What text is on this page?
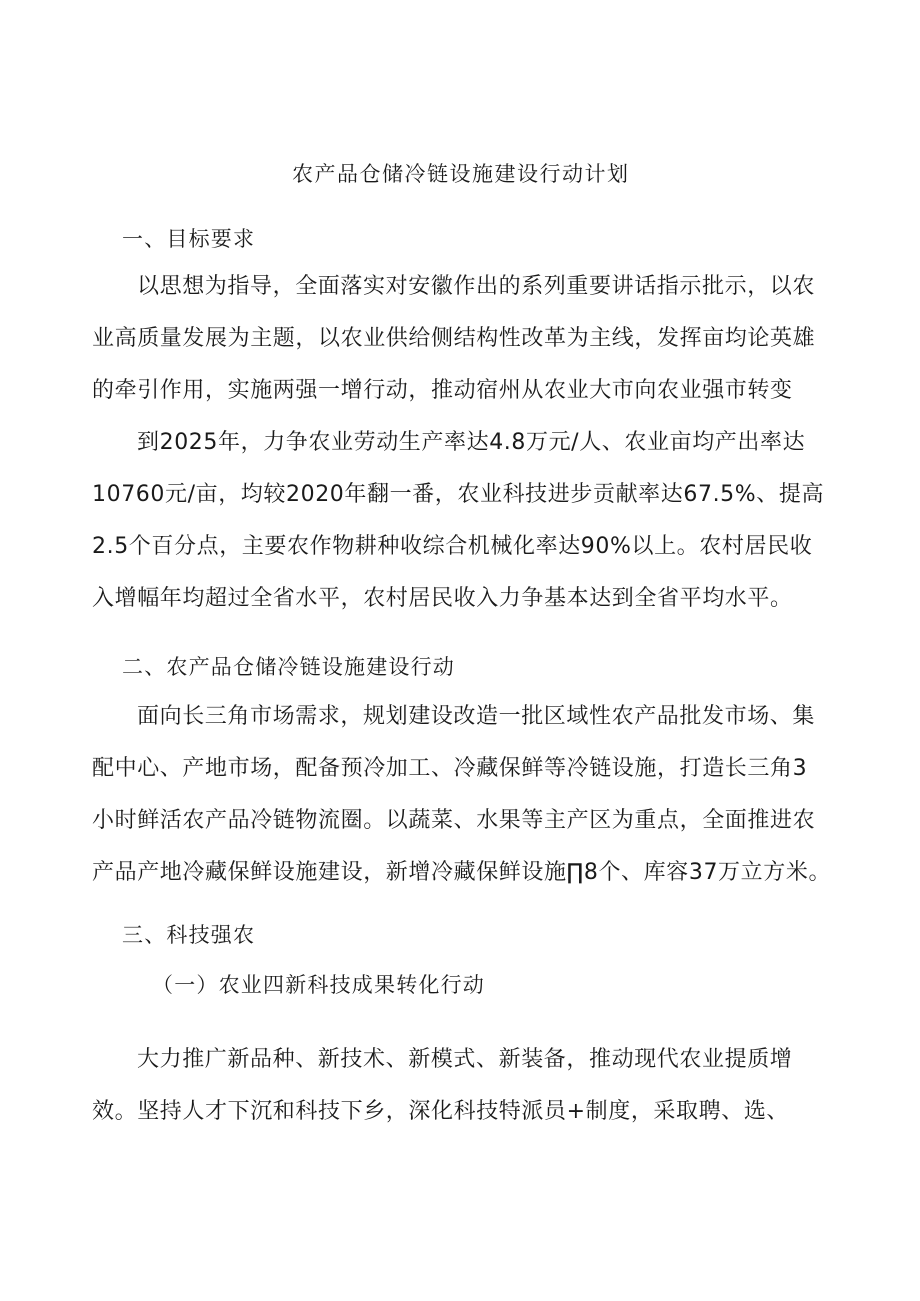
农产品仓储冷链设施建设行动计划
一、目标要求
以思想为指导，全面落实对安徽作出的系列重要讲话指示批示，以农
业高质量发展为主题，以农业供给侧结构性改革为主线，发挥亩均论英雄
的牵引作用，实施两强一增行动，推动宿州从农业大市向农业强市转变
到2025年，力争农业劳动生产率达4.8万元/人、农业亩均产出率达
10760元/亩，均较2020年翻一番，农业科技进步贡献率达67.5%、提高
2.5个百分点，主要农作物耕种收综合机械化率达90%以上。农村居民收
入增幅年均超过全省水平，农村居民收入力争基本达到全省平均水平。
二、农产品仓储冷链设施建设行动
面向长三角市场需求，规划建设改造一批区域性农产品批发市场、集
配中心、产地市场，配备预冷加工、冷藏保鲜等冷链设施，打造长三角3
小时鲜活农产品冷链物流圈。以蔬菜、水果等主产区为重点，全面推进农
产品产地冷藏保鲜设施建设，新增冷藏保鲜设施∏8个、库容37万立方米。
三、科技强农
（一）农业四新科技成果转化行动
大力推广新品种、新技术、新模式、新装备，推动现代农业提质增
效。坚持人才下沉和科技下乡，深化科技特派员+制度，采取聘、选、
